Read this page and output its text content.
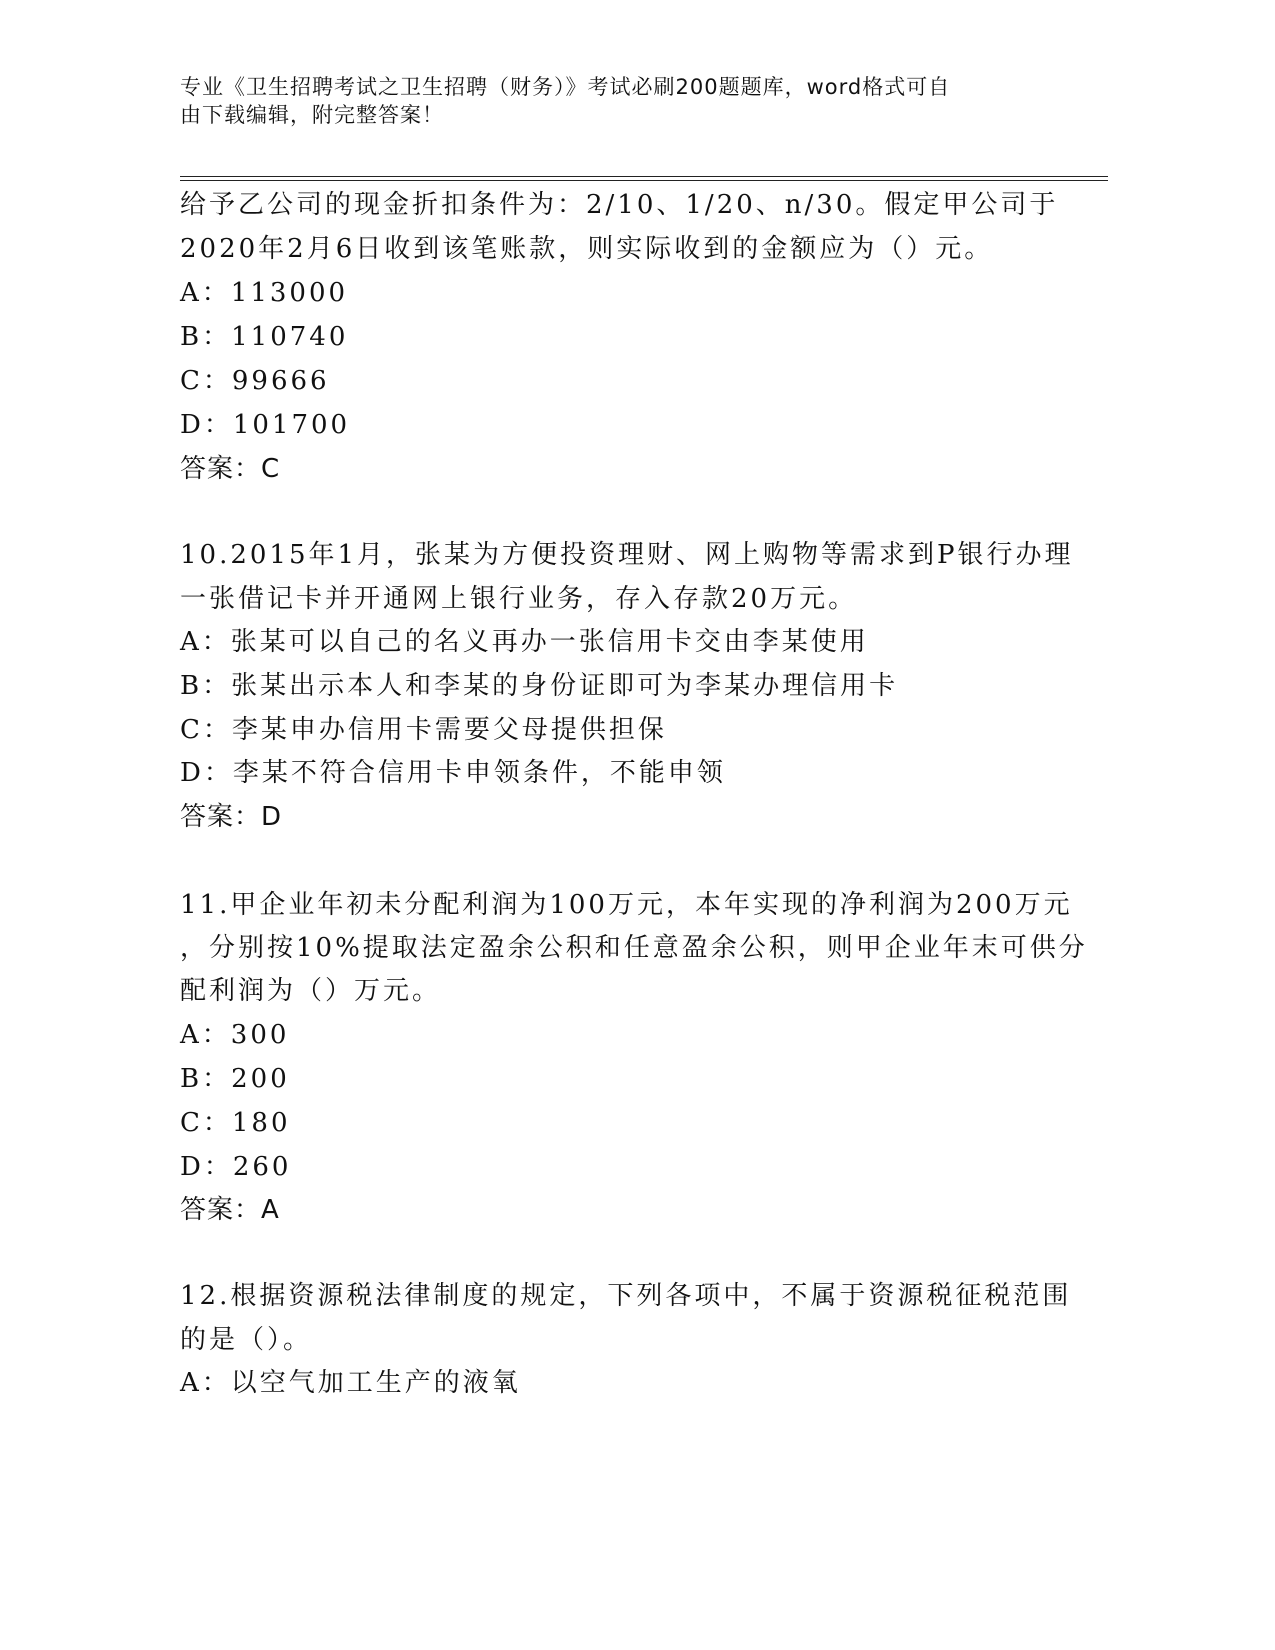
专业《卫生招聘考试之卫生招聘（财务）》考试必刷200题题库，word格式可自
由下载编辑，附完整答案！
给予乙公司的现金折扣条件为：2/10、1/20、n/30。假定甲公司于
2020年2月6日收到该笔账款，则实际收到的金额应为（）元。
A：113000
B：110740
C：99666
D：101700
答案：C
10.2015年1月，张某为方便投资理财、网上购物等需求到P银行办理
一张借记卡并开通网上银行业务，存入存款20万元。
A：张某可以自己的名义再办一张信用卡交由李某使用
B：张某出示本人和李某的身份证即可为李某办理信用卡
C：李某申办信用卡需要父母提供担保
D：李某不符合信用卡申领条件，不能申领
答案：D
11.甲企业年初未分配利润为100万元，本年实现的净利润为200万元
，分别按10%提取法定盈余公积和任意盈余公积，则甲企业年末可供分
配利润为（）万元。
A：300
B：200
C：180
D：260
答案：A
12.根据资源税法律制度的规定，下列各项中，不属于资源税征税范围
的是（）。
A：以空气加工生产的液氧
